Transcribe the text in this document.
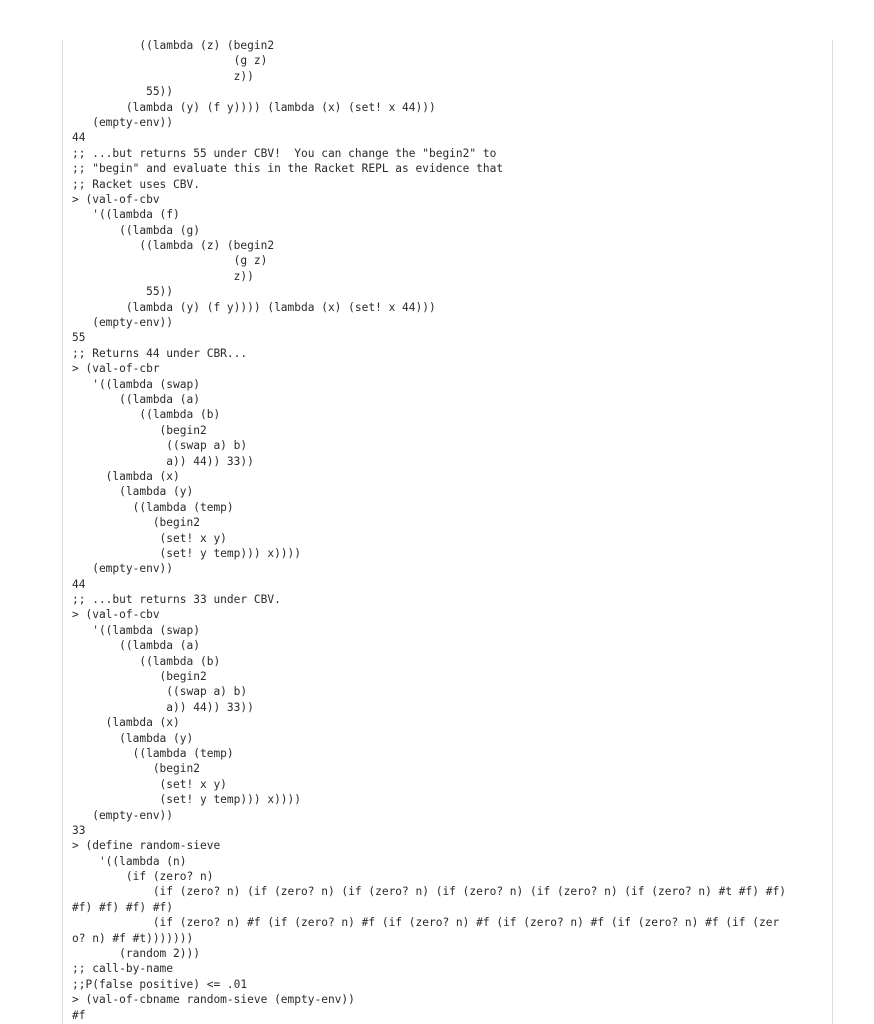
((lambda (z) (begin2
(g z)
z))
55))
(lambda (y) (f y)))) (lambda (x) (set! x 44)))
(empty-env))
44
;; ...but returns 55 under CBV!  You can change the "begin2" to
;; "begin" and evaluate this in the Racket REPL as evidence that
;; Racket uses CBV.
> (val-of-cbv
'((lambda (f)
((lambda (g)
((lambda (z) (begin2
(g z)
z))
55))
(lambda (y) (f y)))) (lambda (x) (set! x 44)))
(empty-env))
55
;; Returns 44 under CBR...
> (val-of-cbr
'((lambda (swap)
((lambda (a)
((lambda (b)
(begin2
((swap a) b)
a)) 44)) 33))
(lambda (x)
(lambda (y)
((lambda (temp)
(begin2
(set! x y)
(set! y temp))) x))))
(empty-env))
44
;; ...but returns 33 under CBV.
> (val-of-cbv
'((lambda (swap)
((lambda (a)
((lambda (b)
(begin2
((swap a) b)
a)) 44)) 33))
(lambda (x)
(lambda (y)
((lambda (temp)
(begin2
(set! x y)
(set! y temp))) x))))
(empty-env))
33
> (define random-sieve
'((lambda (n)
(if (zero? n)
(if (zero? n) (if (zero? n) (if (zero? n) (if (zero? n) (if (zero? n) (if (zero? n) #t #f) #f)
#f) #f) #f) #f)
(if (zero? n) #f (if (zero? n) #f (if (zero? n) #f (if (zero? n) #f (if (zero? n) #f (if (zer
o? n) #f #t)))))))
(random 2)))
;; call-by-name
;;P(false positive) <= .01
> (val-of-cbname random-sieve (empty-env))
#f
